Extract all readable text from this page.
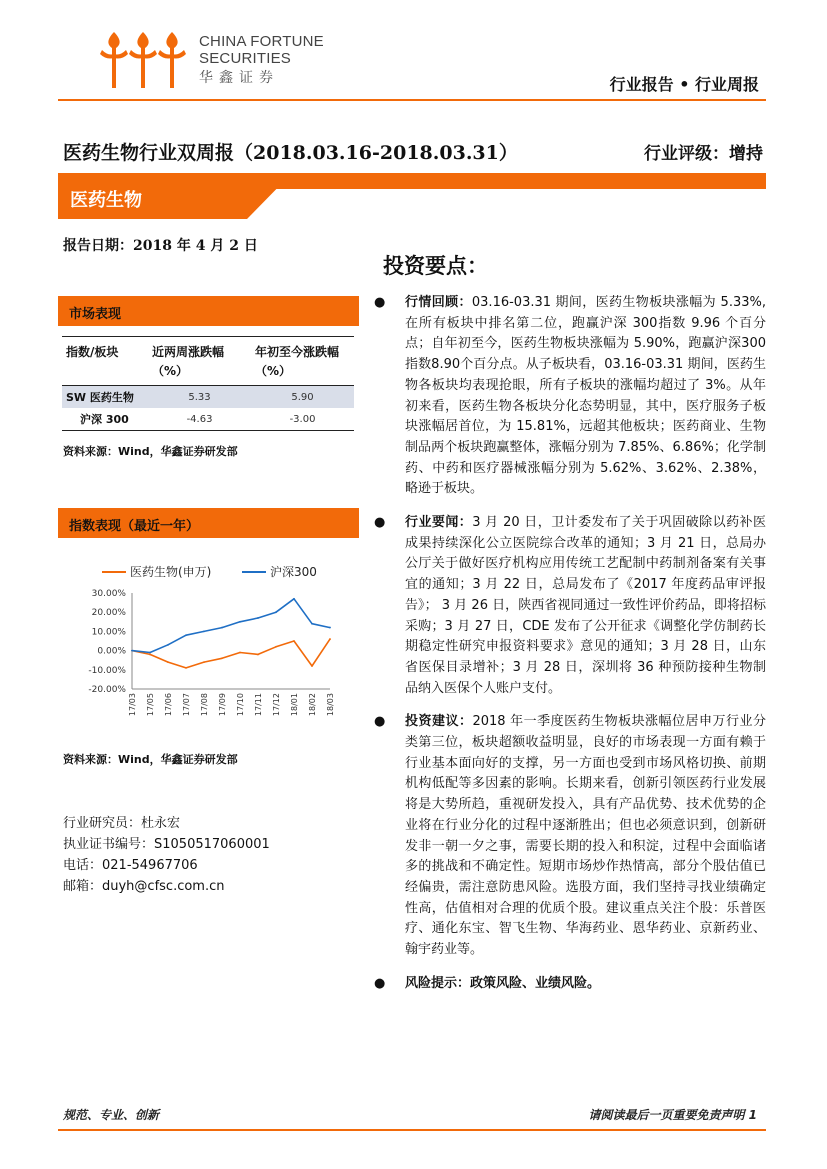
CHINA FORTUNE
SECURITIES
华鑫证券	行业报告 • 行业周报
医药生物行业双周报（2018.03.16-2018.03.31）	行业评级：增持
医药生物
报告日期：2018 年 4 月 2 日
市场表现
指数/板块	近两周涨跌幅（%）	年初至今涨跌幅（%）
SW 医药生物	5.33	5.90
沪深 300	-4.63	-3.00
资料来源：Wind，华鑫证券研发部
指数表现（最近一年）
医药生物(申万)	沪深300
30.00%
20.00%
10.00%
0.00%
-10.00%
-20.00%
17/03 17/05 17/06 17/07 17/08 17/09 17/10 17/11 17/12 18/01 18/02 18/03
资料来源：Wind，华鑫证券研发部
行业研究员：杜永宏
执业证书编号：S1050517060001
电话：021-54967706
邮箱：duyh@cfsc.com.cn
投资要点：
● 行情回顾：03.16-03.31 期间，医药生物板块涨幅为 5.33%,在所有板块中排名第二位，跑赢沪深 300指数 9.96 个百分点；自年初至今，医药生物板块涨幅为 5.90%，跑赢沪深300指数8.90个百分点。从子板块看，03.16-03.31 期间，医药生物各板块均表现抢眼，所有子板块的涨幅均超过了 3%。从年初来看，医药生物各板块分化态势明显，其中，医疗服务子板块涨幅居首位，为 15.81%，远超其他板块；医药商业、生物制品两个板块跑赢整体，涨幅分别为 7.85%、6.86%；化学制药、中药和医疗器械涨幅分别为 5.62%、3.62%、2.38%，略逊于板块。
● 行业要闻：3 月 20 日，卫计委发布了关于巩固破除以药补医成果持续深化公立医院综合改革的通知；3 月 21 日，总局办公厅关于做好医疗机构应用传统工艺配制中药制剂备案有关事宜的通知；3 月 22 日，总局发布了《2017 年度药品审评报告》； 3 月 26 日，陕西省视同通过一致性评价药品，即将招标采购；3 月 27 日，CDE 发布了公开征求《调整化学仿制药长期稳定性研究申报资料要求》意见的通知；3 月 28 日，山东省医保目录增补；3 月 28 日，深圳将 36 种预防接种生物制品纳入医保个人账户支付。
● 投资建议：2018 年一季度医药生物板块涨幅位居申万行业分类第三位，板块超额收益明显，良好的市场表现一方面有赖于行业基本面向好的支撑，另一方面也受到市场风格切换、前期机构低配等多因素的影响。长期来看，创新引领医药行业发展将是大势所趋，重视研发投入，具有产品优势、技术优势的企业将在行业分化的过程中逐渐胜出；但也必须意识到，创新研发非一朝一夕之事，需要长期的投入和积淀，过程中会面临诸多的挑战和不确定性。短期市场炒作热情高，部分个股估值已经偏贵，需注意防患风险。选股方面，我们坚持寻找业绩确定性高，估值相对合理的优质个股。建议重点关注个股：乐普医疗、通化东宝、智飞生物、华海药业、恩华药业、京新药业、翰宇药业等。
● 风险提示：政策风险、业绩风险。
规范、专业、创新	请阅读最后一页重要免责声明 1
